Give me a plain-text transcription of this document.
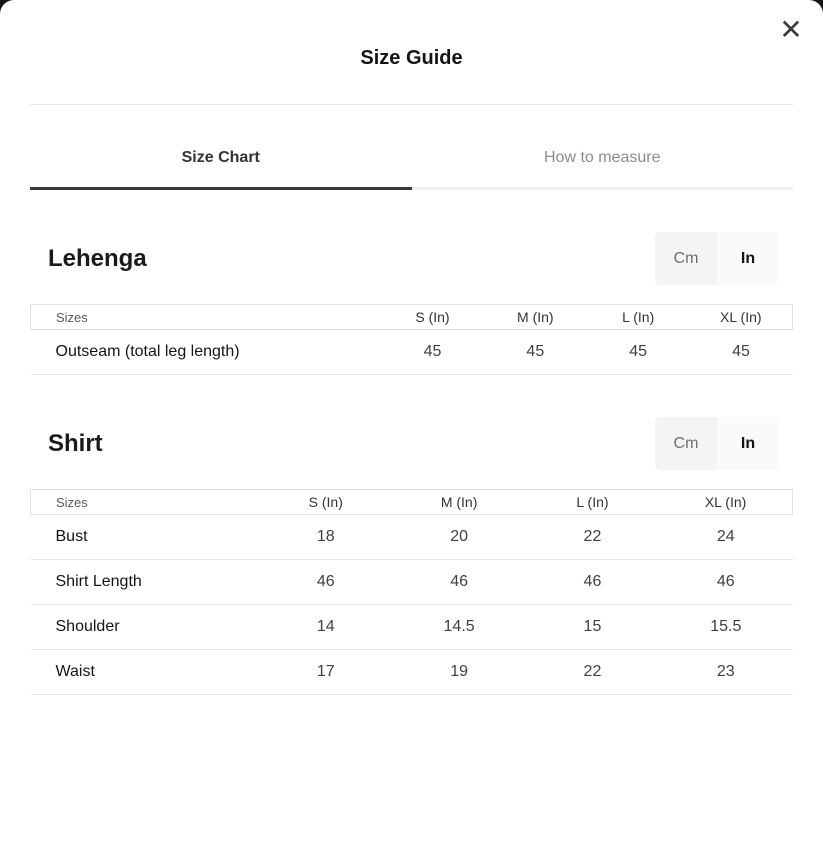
✕
Size Guide
Size Chart	How to measure
Lehenga	Cm	In
Sizes	S (In)	M (In)	L (In)	XL (In)
Outseam (total leg length)	45	45	45	45
Shirt	Cm	In
Sizes	S (In)	M (In)	L (In)	XL (In)
Bust	18	20	22	24
Shirt Length	46	46	46	46
Shoulder	14	14.5	15	15.5
Waist	17	19	22	23
